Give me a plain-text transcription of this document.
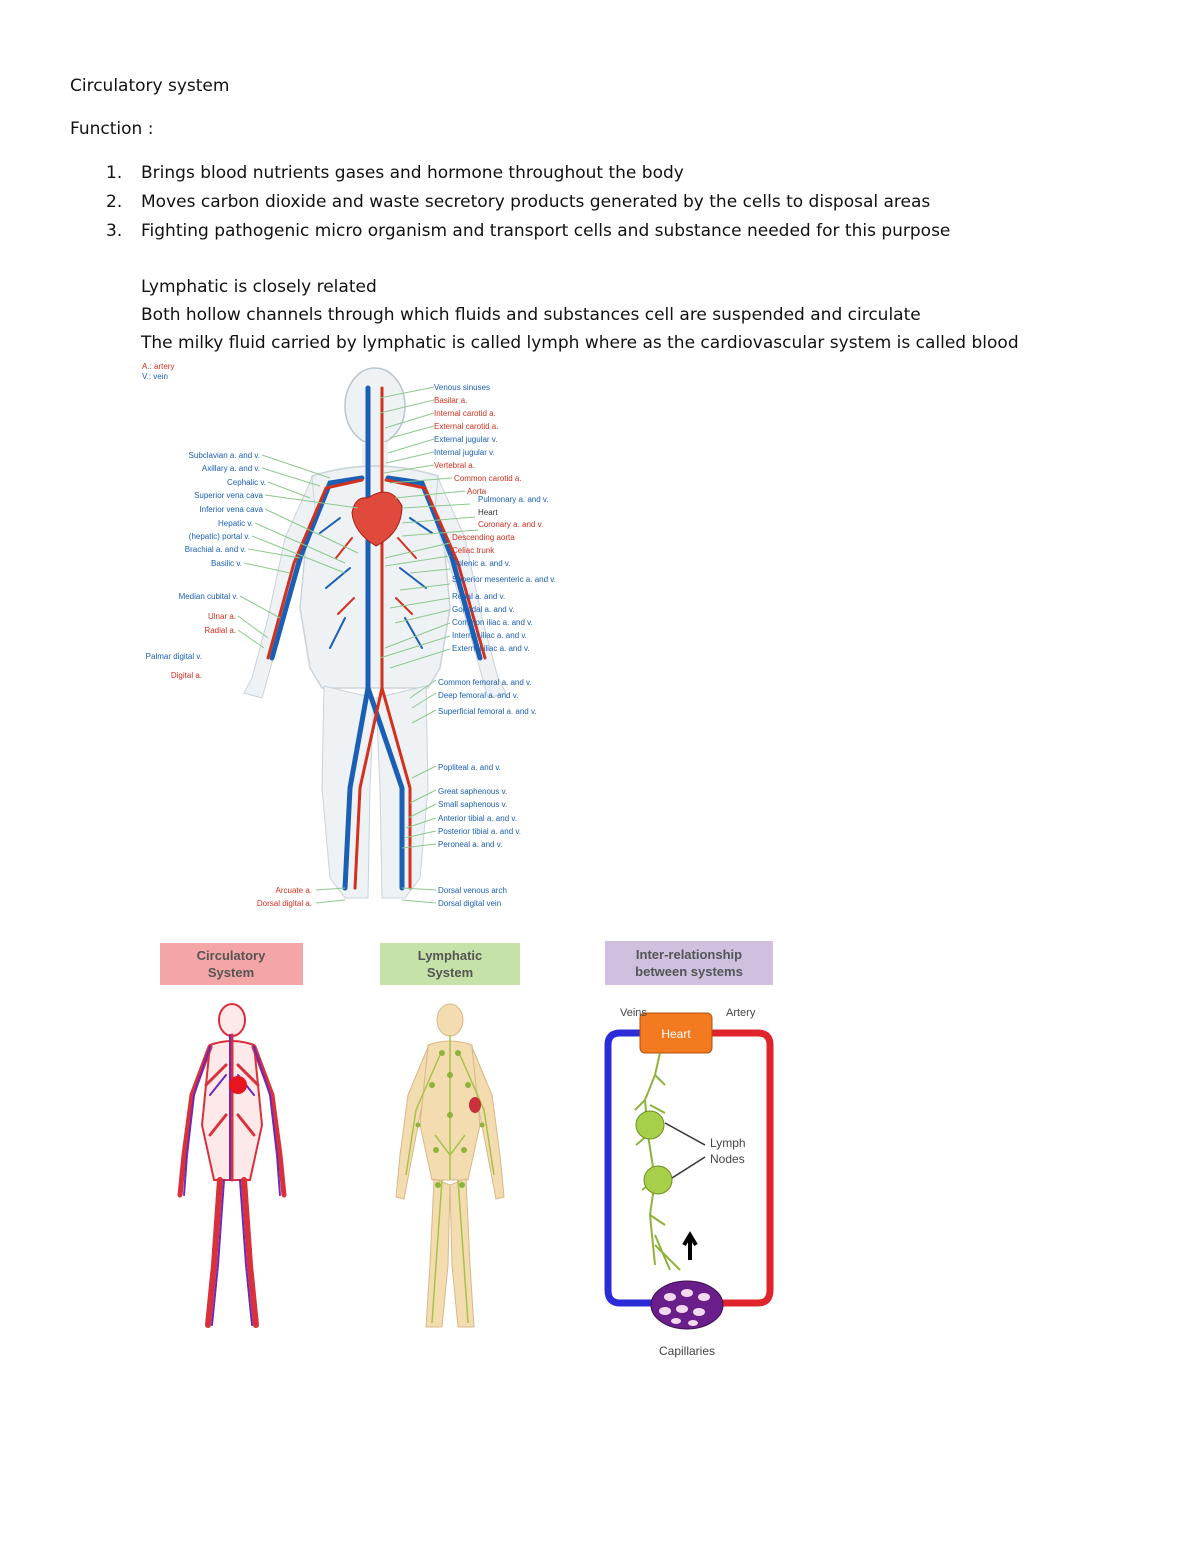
Circulatory system
Function :
1. Brings blood nutrients gases and hormone throughout the body
2. Moves carbon dioxide and waste secretory products generated by the cells to disposal areas
3. Fighting pathogenic micro organism and transport cells and substance needed for this purpose
Lymphatic is closely related
Both hollow channels through which fluids and substances cell are suspended and circulate
The milky fluid carried by lymphatic is called lymph where as the cardiovascular system is called blood
A.: artery
V.: vein
Subclavian a. and v.
Axillary a. and v.
Cephalic v.
Superior vena cava
Inferior vena cava
Hepatic v.
(hepatic) portal v.
Brachial a. and v.
Basilic v.
Median cubital v.
Ulnar a.
Radial a.
Palmar digital v.
Digital a.
Arcuate a.
Dorsal digital a.
Venous sinuses
Basilar a.
Internal carotid a.
External carotid a.
External jugular v.
Internal jugular v.
Vertebral a.
Common carotid a.
Aorta
Pulmonary a. and v.
Heart
Coronary a. and v.
Descending aorta
Celiac trunk
Splenic a. and v.
Superior mesenteric a. and v.
Renal a. and v.
Gonadal a. and v.
Common iliac a. and v.
Internal iliac a. and v.
External iliac a. and v.
Common femoral a. and v.
Deep femoral a. and v.
Superficial femoral a. and v.
Popliteal a. and v.
Great saphenous v.
Small saphenous v.
Anterior tibial a. and v.
Posterior tibial a. and v.
Peroneal a. and v.
Dorsal venous arch
Dorsal digital vein
Circulatory
System
Lymphatic
System
Inter-relationship
between systems
Heart
Veins	Artery
Lymph
Nodes
Capillaries
